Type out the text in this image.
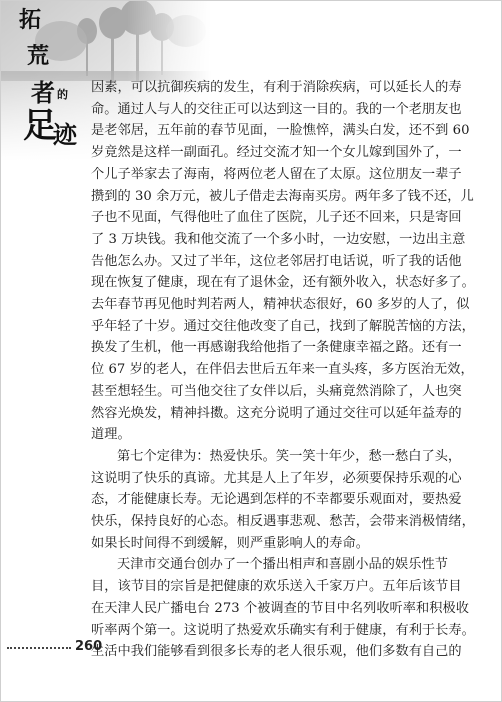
拓
荒
者 的
足
迹

因素，可以抗御疾病的发生，有利于消除疾病，可以延长人的寿
命。通过人与人的交往正可以达到这一目的。我的一个老朋友也
是老邻居，五年前的春节见面，一脸憔悴，满头白发，还不到 60
岁竟然是这样一副面孔。经过交流才知一个女儿嫁到国外了，一
个儿子举家去了海南，将两位老人留在了太原。这位朋友一辈子
攒到的 30 余万元，被儿子借走去海南买房。两年多了钱不还，儿
子也不见面，气得他吐了血住了医院，儿子还不回来，只是寄回
了 3 万块钱。我和他交流了一个多小时，一边安慰，一边出主意
告他怎么办。又过了半年，这位老邻居打电话说，听了我的话他
现在恢复了健康，现在有了退休金，还有额外收入，状态好多了。
去年春节再见他时判若两人，精神状态很好，60 多岁的人了，似
乎年轻了十岁。通过交往他改变了自己，找到了解脱苦恼的方法，
换发了生机，他一再感谢我给他指了一条健康幸福之路。还有一
位 67 岁的老人，在伴侣去世后五年来一直头疼，多方医治无效，
甚至想轻生。可当他交往了女伴以后，头痛竟然消除了，人也突
然容光焕发，精神抖擞。这充分说明了通过交往可以延年益寿的
道理。

第七个定律为：热爱快乐。笑一笑十年少，愁一愁白了头，
这说明了快乐的真谛。尤其是人上了年岁，必须要保持乐观的心
态，才能健康长寿。无论遇到怎样的不幸都要乐观面对，要热爱
快乐，保持良好的心态。相反遇事悲观、愁苦，会带来消极情绪，
如果长时间得不到缓解，则严重影响人的寿命。

天津市交通台创办了一个播出相声和喜剧小品的娱乐性节
目，该节目的宗旨是把健康的欢乐送入千家万户。五年后该节目
在天津人民广播电台 273 个被调查的节目中名列收听率和积极收
听率两个第一。这说明了热爱欢乐确实有利于健康，有利于长寿。
生活中我们能够看到很多长寿的老人很乐观，他们多数有自己的

260
